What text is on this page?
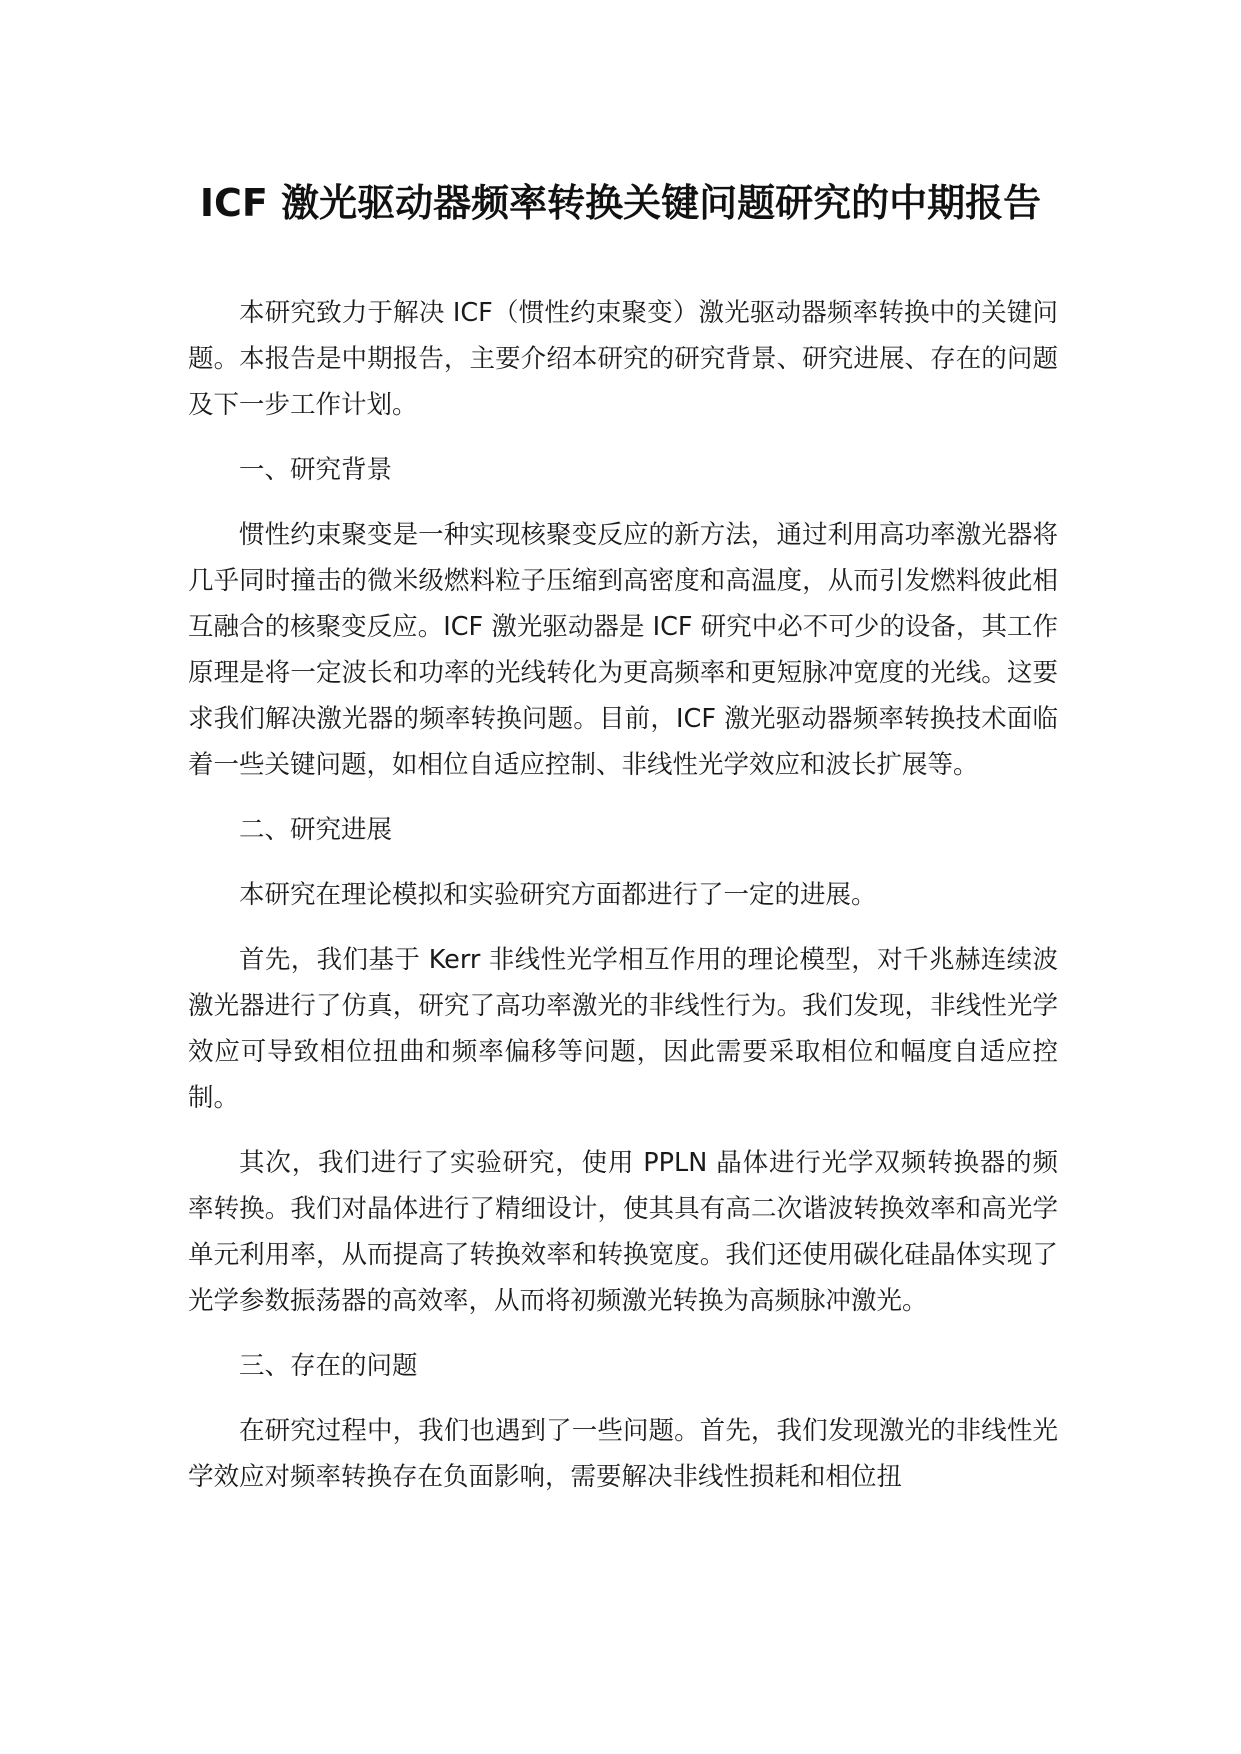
ICF 激光驱动器频率转换关键问题研究的中期报告

本研究致力于解决 ICF（惯性约束聚变）激光驱动器频率转换中的关键问题。本报告是中期报告，主要介绍本研究的研究背景、研究进展、存在的问题及下一步工作计划。

一、研究背景

惯性约束聚变是一种实现核聚变反应的新方法，通过利用高功率激光器将几乎同时撞击的微米级燃料粒子压缩到高密度和高温度，从而引发燃料彼此相互融合的核聚变反应。ICF 激光驱动器是 ICF 研究中必不可少的设备，其工作原理是将一定波长和功率的光线转化为更高频率和更短脉冲宽度的光线。这要求我们解决激光器的频率转换问题。目前，ICF 激光驱动器频率转换技术面临着一些关键问题，如相位自适应控制、非线性光学效应和波长扩展等。

二、研究进展

本研究在理论模拟和实验研究方面都进行了一定的进展。

首先，我们基于 Kerr 非线性光学相互作用的理论模型，对千兆赫连续波激光器进行了仿真，研究了高功率激光的非线性行为。我们发现，非线性光学效应可导致相位扭曲和频率偏移等问题，因此需要采取相位和幅度自适应控制。

其次，我们进行了实验研究，使用 PPLN 晶体进行光学双频转换器的频率转换。我们对晶体进行了精细设计，使其具有高二次谐波转换效率和高光学单元利用率，从而提高了转换效率和转换宽度。我们还使用碳化硅晶体实现了光学参数振荡器的高效率，从而将初频激光转换为高频脉冲激光。

三、存在的问题

在研究过程中，我们也遇到了一些问题。首先，我们发现激光的非线性光学效应对频率转换存在负面影响，需要解决非线性损耗和相位扭
